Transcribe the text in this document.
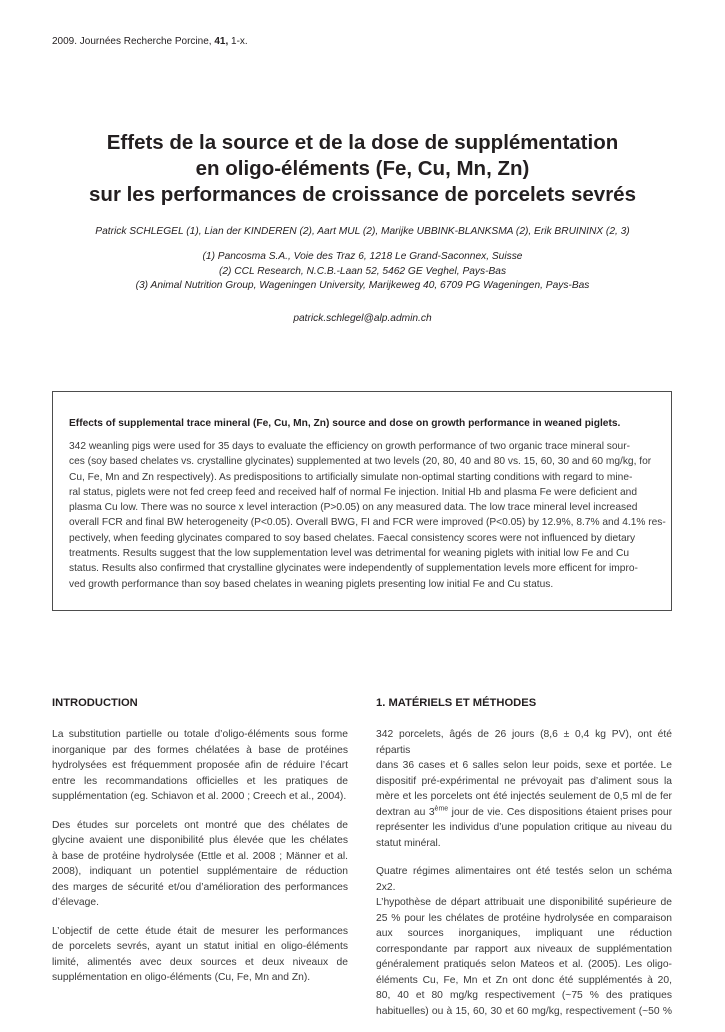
2009. Journées Recherche Porcine, 41, 1-x.
Effets de la source et de la dose de supplémentation
en oligo-éléments (Fe, Cu, Mn, Zn)
sur les performances de croissance de porcelets sevrés
Patrick SCHLEGEL (1), Lian der KINDEREN (2), Aart MUL (2), Marijke UBBINK-BLANKSMA (2), Erik BRUININX (2, 3)
(1) Pancosma S.A., Voie des Traz 6, 1218 Le Grand-Saconnex, Suisse
(2) CCL Research, N.C.B.-Laan 52, 5462 GE Veghel, Pays-Bas
(3) Animal Nutrition Group, Wageningen University, Marijkeweg 40, 6709 PG Wageningen, Pays-Bas
patrick.schlegel@alp.admin.ch
Effects of supplemental trace mineral (Fe, Cu, Mn, Zn) source and dose on growth performance in weaned piglets.
342 weanling pigs were used for 35 days to evaluate the efficiency on growth performance of two organic trace mineral sour-
ces (soy based chelates vs. crystalline glycinates) supplemented at two levels (20, 80, 40 and 80 vs. 15, 60, 30 and 60 mg/kg, for
Cu, Fe, Mn and Zn respectively). As predispositions to artificially simulate non-optimal starting conditions with regard to mine-
ral status, piglets were not fed creep feed and received half of normal Fe injection. Initial Hb and plasma Fe were deficient and
plasma Cu low. There was no source x level interaction (P>0.05) on any measured data. The low trace mineral level increased
overall FCR and final BW heterogeneity (P<0.05). Overall BWG, FI and FCR were improved (P<0.05) by 12.9%, 8.7% and 4.1% res-
pectively, when feeding glycinates compared to soy based chelates. Faecal consistency scores were not influenced by dietary
treatments. Results suggest that the low supplementation level was detrimental for weaning piglets with initial low Fe and Cu
status. Results also confirmed that crystalline glycinates were independently of supplementation levels more efficent for impro-
ved growth performance than soy based chelates in weaning piglets presenting low initial Fe and Cu status.
INTRODUCTION
La substitution partielle ou totale d’oligo-éléments sous forme
inorganique par des formes chélatées à base de protéines
hydrolysées est fréquemment proposée afin de réduire l’écart
entre les recommandations officielles et les pratiques de
supplémentation (eg. Schiavon et al. 2000 ; Creech et al., 2004).
Des études sur porcelets ont montré que des chélates de
glycine avaient une disponibilité plus élevée que les chélates
à base de protéine hydrolysée (Ettle et al. 2008 ; Männer et al.
2008), indiquant un potentiel supplémentaire de réduction
des marges de sécurité et/ou d’amélioration des performances
d’élevage.
L’objectif de cette étude était de mesurer les performances
de porcelets sevrés, ayant un statut initial en oligo-éléments
limité, alimentés avec deux sources et deux niveaux de
supplémentation en oligo-éléments (Cu, Fe, Mn and Zn).
1. MATÉRIELS ET MÉTHODES
342 porcelets, âgés de 26 jours (8,6 ± 0,4 kg PV), ont été répartis
dans 36 cases et 6 salles selon leur poids, sexe et portée. Le
dispositif pré-expérimental ne prévoyait pas d’aliment sous la
mère et les porcelets ont été injectés seulement de 0,5 ml de fer
dextran au 3ème jour de vie. Ces dispositions étaient prises pour
représenter les individus d’une population critique au niveau du
statut minéral.
Quatre régimes alimentaires ont été testés selon un schéma 2x2.
L’hypothèse de départ attribuait une disponibilité supérieure de
25 % pour les chélates de protéine hydrolysée en comparaison
aux sources inorganiques, impliquant une réduction
correspondante par rapport aux niveaux de supplémentation
généralement pratiqués selon Mateos et al. (2005). Les oligo-
éléments Cu, Fe, Mn et Zn ont donc été supplémentés à 20,
80, 40 et 80 mg/kg respectivement (~75 % des pratiques
habituelles) ou à 15, 60, 30 et 60 mg/kg, respectivement (~50 %
